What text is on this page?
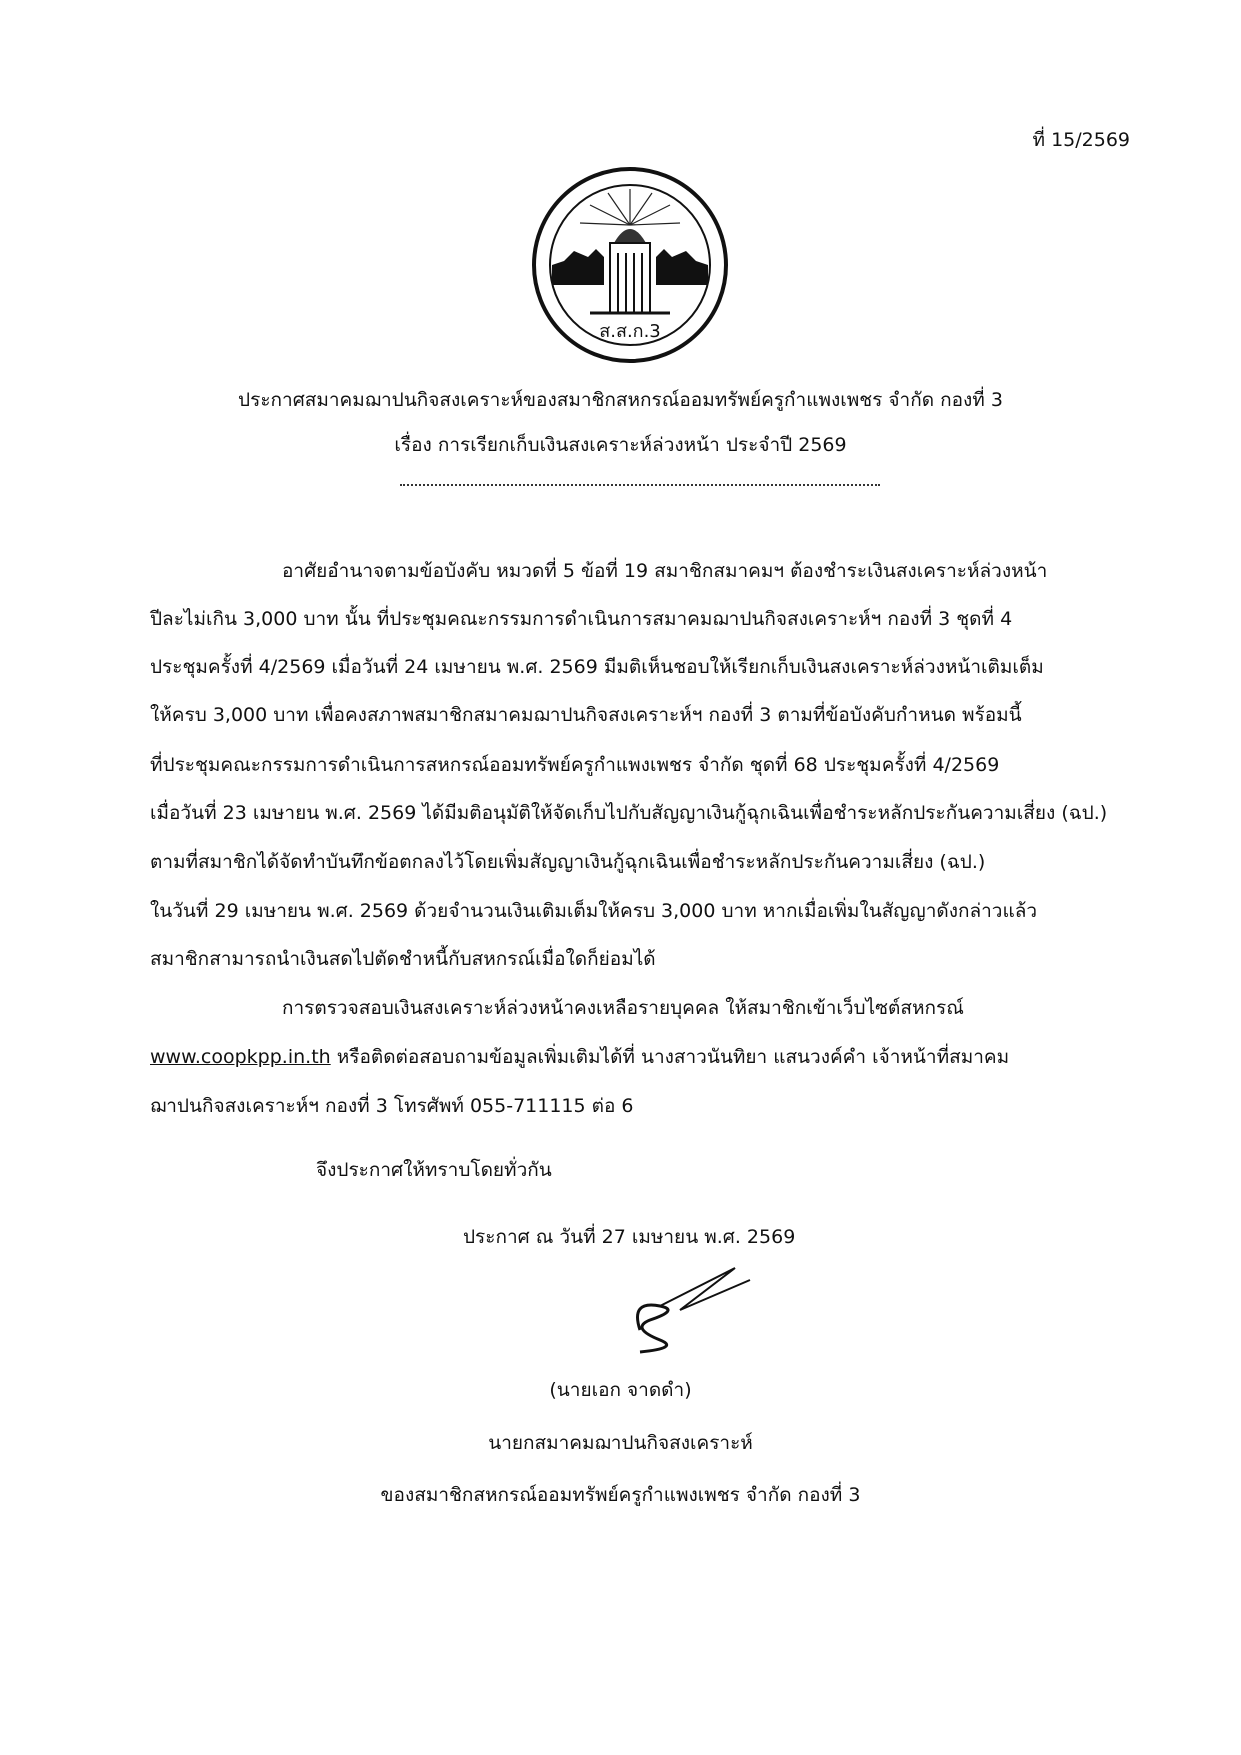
ที่ 15/2569
ส.ส.ก.3
ประกาศสมาคมฌาปนกิจสงเคราะห์ของสมาชิกสหกรณ์ออมทรัพย์ครูกำแพงเพชร จำกัด กองที่ 3
เรื่อง การเรียกเก็บเงินสงเคราะห์ล่วงหน้า ประจำปี 2569
อาศัยอำนาจตามข้อบังคับ หมวดที่ 5 ข้อที่ 19 สมาชิกสมาคมฯ ต้องชำระเงินสงเคราะห์ล่วงหน้า
ปีละไม่เกิน 3,000 บาท นั้น ที่ประชุมคณะกรรมการดำเนินการสมาคมฌาปนกิจสงเคราะห์ฯ กองที่ 3 ชุดที่ 4
ประชุมครั้งที่ 4/2569 เมื่อวันที่ 24 เมษายน พ.ศ. 2569 มีมติเห็นชอบให้เรียกเก็บเงินสงเคราะห์ล่วงหน้าเติมเต็ม
ให้ครบ 3,000 บาท เพื่อคงสภาพสมาชิกสมาคมฌาปนกิจสงเคราะห์ฯ กองที่ 3 ตามที่ข้อบังคับกำหนด พร้อมนี้
ที่ประชุมคณะกรรมการดำเนินการสหกรณ์ออมทรัพย์ครูกำแพงเพชร จำกัด ชุดที่ 68 ประชุมครั้งที่ 4/2569
เมื่อวันที่ 23 เมษายน พ.ศ. 2569 ได้มีมติอนุมัติให้จัดเก็บไปกับสัญญาเงินกู้ฉุกเฉินเพื่อชำระหลักประกันความเสี่ยง (ฉป.)
ตามที่สมาชิกได้จัดทำบันทึกข้อตกลงไว้โดยเพิ่มสัญญาเงินกู้ฉุกเฉินเพื่อชำระหลักประกันความเสี่ยง (ฉป.)
ในวันที่ 29 เมษายน พ.ศ. 2569 ด้วยจำนวนเงินเติมเต็มให้ครบ 3,000 บาท หากเมื่อเพิ่มในสัญญาดังกล่าวแล้ว
สมาชิกสามารถนำเงินสดไปตัดชำหนี้กับสหกรณ์เมื่อใดก็ย่อมได้
การตรวจสอบเงินสงเคราะห์ล่วงหน้าคงเหลือรายบุคคล ให้สมาชิกเข้าเว็บไซต์สหกรณ์
www.coopkpp.in.th หรือติดต่อสอบถามข้อมูลเพิ่มเติมได้ที่ นางสาวนันทิยา แสนวงค์คำ เจ้าหน้าที่สมาคม
ฌาปนกิจสงเคราะห์ฯ กองที่ 3 โทรศัพท์ 055-711115 ต่อ 6
จึงประกาศให้ทราบโดยทั่วกัน
ประกาศ ณ วันที่ 27 เมษายน พ.ศ. 2569
(นายเอก จาดดำ)
นายกสมาคมฌาปนกิจสงเคราะห์
ของสมาชิกสหกรณ์ออมทรัพย์ครูกำแพงเพชร จำกัด กองที่ 3
